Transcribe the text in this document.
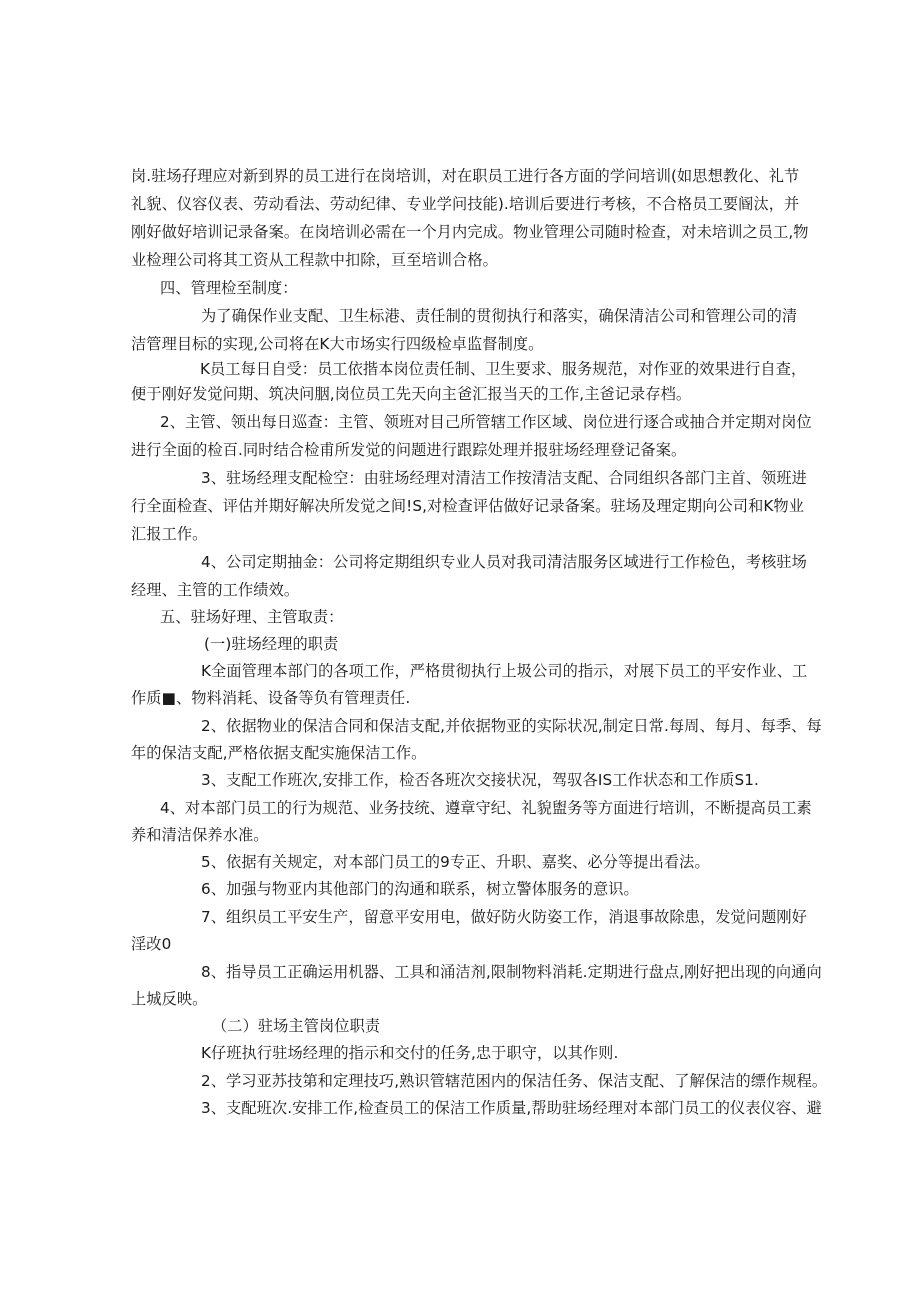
岗.驻场孖理应对新到界的员工进行在岗培训，对在职员工进行各方面的学问培训(如思想教化、礼节
礼貌、仪容仪表、劳动看法、劳动纪律、专业学问技能).培训后要进行考核，不合格员工要阍汰，并
刚好做好培训记录备案。在岗培训必需在一个月内完成。物业管理公司随时检查，对未培训之员工,物
业检理公司将其工资从工程款中扣除，亘至培训合格。
四、管理检至制度：
为了确保作业支配、卫生标港、责任制的贯彻执行和落实，确保清洁公司和管理公司的清
洁管理目标的实现,公司将在K大市场实行四级检卓监督制度。
K员工每日自受：员工依揩本岗位责任制、卫生要求、服务规范，对作亚的效果进行自查，
便于刚好发觉问期、筑决问胭,岗位员工先天向主爸汇报当天的工作,主爸记录存档。
2、主管、领出每日巡查：主管、领班对目己所管辖工作区域、岗位进行逐合或抽合并定期对岗位
进行全面的检百.同时结合检甫所发觉的问题进行跟踪处理并报驻场经理登记备案。
3、驻场经理支配检空：由驻场经理对清洁工作按清洁支配、合同组织各部门主首、领班进
行全面检查、评估并期好解决所发觉之间!S,对检查评估做好记录备案。驻场及理定期向公司和K物业
汇报工作。
4、公司定期抽金：公司将定期组织专业人员对我司清洁服务区域进行工作检色，考核驻场
经理、主管的工作绩效。
五、驻场好理、主管取责：
(一)驻场经理的职责
K全面管理本部门的各项工作，严格贯彻执行上圾公司的指示，对展下员工的平安作业、工
作质■、物料消耗、设备等负有管理责任.
2、依据物业的保洁合同和保洁支配,并依据物亚的实际状况,制定日常.每周、每月、每季、每
年的保洁支配,严格依据支配实施保洁工作。
3、支配工作班次,安排工作，检否各班次交接状况，驾驭各IS工作状态和工作质S1.
4、对本部门员工的行为规范、业务技统、遵章守纪、礼貌盥务等方面进行培训，不断提高员工素
养和清洁保养水准。
5、依据有关规定，对本部门员工的9专正、升职、嘉奖、必分等提出看法。
6、加强与物亚内其他部门的沟通和联系，树立警体服务的意识。
7、组织员工平安生产，留意平安用电，做好防火防姿工作，消退事故除患，发觉问题刚好
淫改0
8、指导员工正确运用机器、工具和涌洁剂,限制物料消耗.定期进行盘点,刚好把出现的向通向
上城反映。
（二）驻场主管岗位职责
K仔班执行驻场经理的指示和交付的任务,忠于职守，以其作则.
2、学习亚苏技第和定理技巧,熟识管辖范困内的保洁任务、保洁支配、了解保洁的缥作规程。
3、支配班次.安排工作,检查员工的保洁工作质量,帮助驻场经理对本部门员工的仪表仪容、避
